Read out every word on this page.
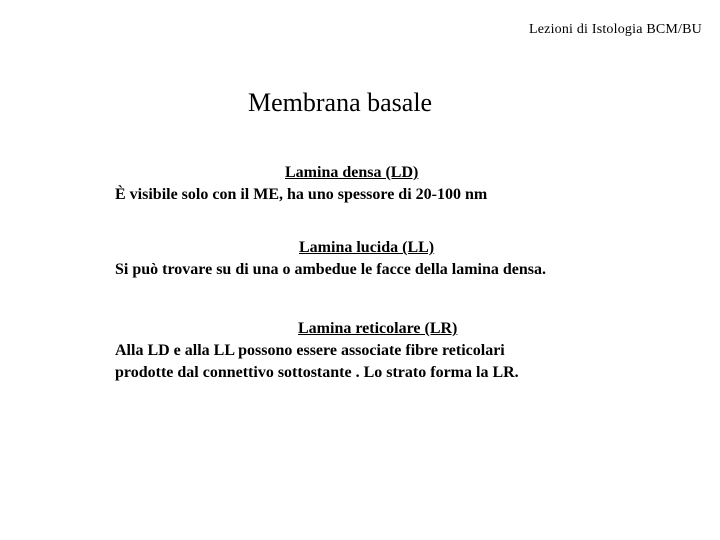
Lezioni di Istologia BCM/BU
Membrana basale
Lamina densa (LD)
È visibile solo con il ME, ha uno spessore di 20-100 nm
Lamina lucida (LL)
Si può trovare su di una o ambedue le facce della lamina densa.
Lamina reticolare (LR)
Alla LD e alla LL possono essere associate fibre reticolari
prodotte dal connettivo sottostante . Lo strato forma la LR.
